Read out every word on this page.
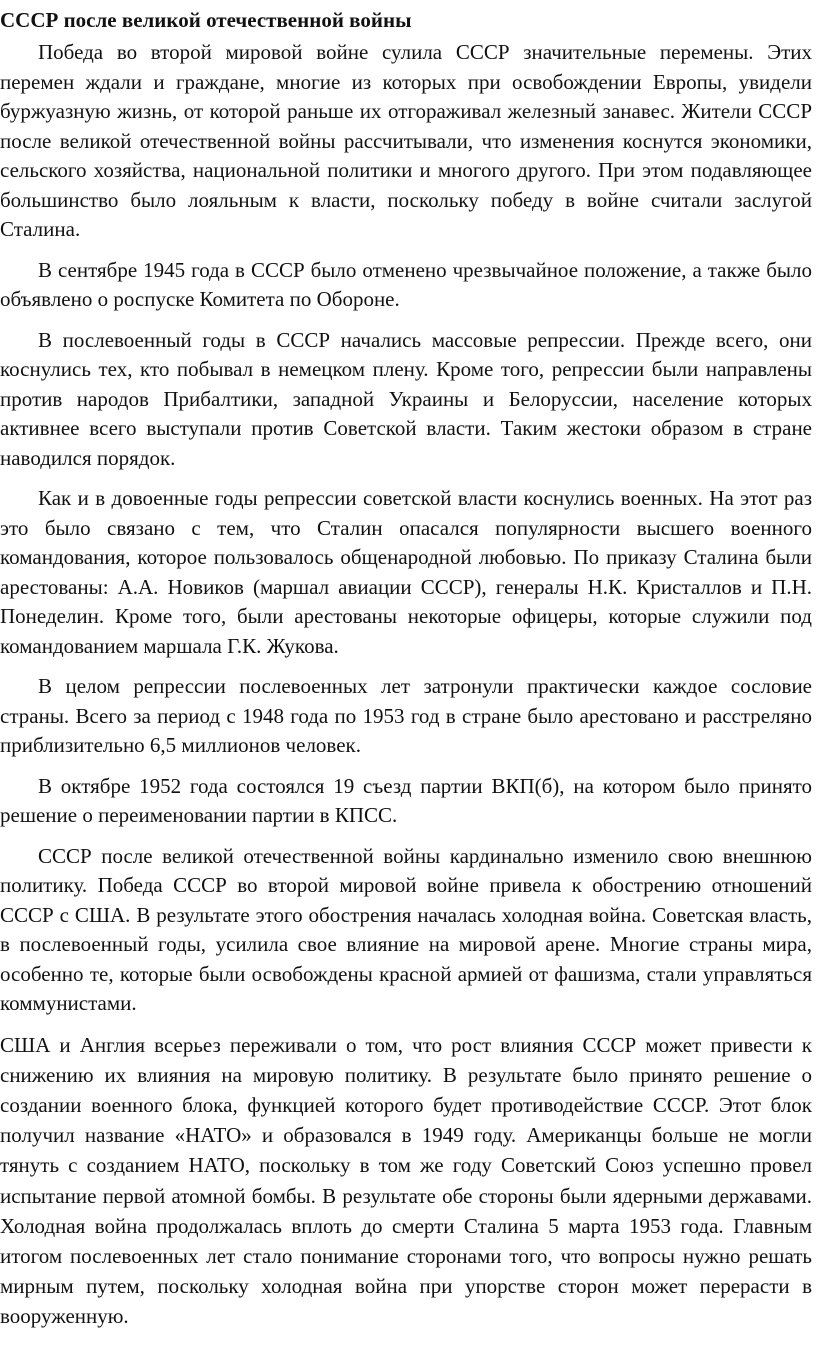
СССР после великой отечественной войны

Победа во второй мировой войне сулила СССР значительные перемены. Этих перемен ждали и граждане, многие из которых при освобождении Европы, увидели буржуазную жизнь, от которой раньше их отгораживал железный занавес. Жители СССР после великой отечественной войны рассчитывали, что изменения коснутся экономики, сельского хозяйства, национальной политики и многого другого. При этом подавляющее большинство было лояльным к власти, поскольку победу в войне считали заслугой Сталина.

В сентябре 1945 года в СССР было отменено чрезвычайное положение, а также было объявлено о роспуске Комитета по Обороне.

В послевоенный годы в СССР начались массовые репрессии. Прежде всего, они коснулись тех, кто побывал в немецком плену. Кроме того, репрессии были направлены против народов Прибалтики, западной Украины и Белоруссии, население которых активнее всего выступали против Советской власти. Таким жестоки образом в стране наводился порядок.

Как и в довоенные годы репрессии советской власти коснулись военных. На этот раз это было связано с тем, что Сталин опасался популярности высшего военного командования, которое пользовалось общенародной любовью. По приказу Сталина были арестованы: А.А. Новиков (маршал авиации СССР), генералы Н.К. Кристаллов и П.Н. Понеделин. Кроме того, были арестованы некоторые офицеры, которые служили под командованием маршала Г.К. Жукова.

В целом репрессии послевоенных лет затронули практически каждое сословие страны. Всего за период с 1948 года по 1953 год в стране было арестовано и расстреляно приблизительно 6,5 миллионов человек.

В октябре 1952 года состоялся 19 съезд партии ВКП(б), на котором было принято решение о переименовании партии в КПСС.

СССР после великой отечественной войны кардинально изменило свою внешнюю политику. Победа СССР во второй мировой войне привела к обострению отношений СССР с США. В результате этого обострения началась холодная война. Советская власть, в послевоенный годы, усилила свое влияние на мировой арене. Многие страны мира, особенно те, которые были освобождены красной армией от фашизма, стали управляться коммунистами.

США и Англия всерьез переживали о том, что рост влияния СССР может привести к снижению их влияния на мировую политику. В результате было принято решение о создании военного блока, функцией которого будет противодействие СССР. Этот блок получил название «НАТО» и образовался в 1949 году. Американцы больше не могли тянуть с созданием НАТО, поскольку в том же году Советский Союз успешно провел испытание первой атомной бомбы. В результате обе стороны были ядерными державами. Холодная война продолжалась вплоть до смерти Сталина 5 марта 1953 года. Главным итогом послевоенных лет стало понимание сторонами того, что вопросы нужно решать мирным путем, поскольку холодная война при упорстве сторон может перерасти в вооруженную.
